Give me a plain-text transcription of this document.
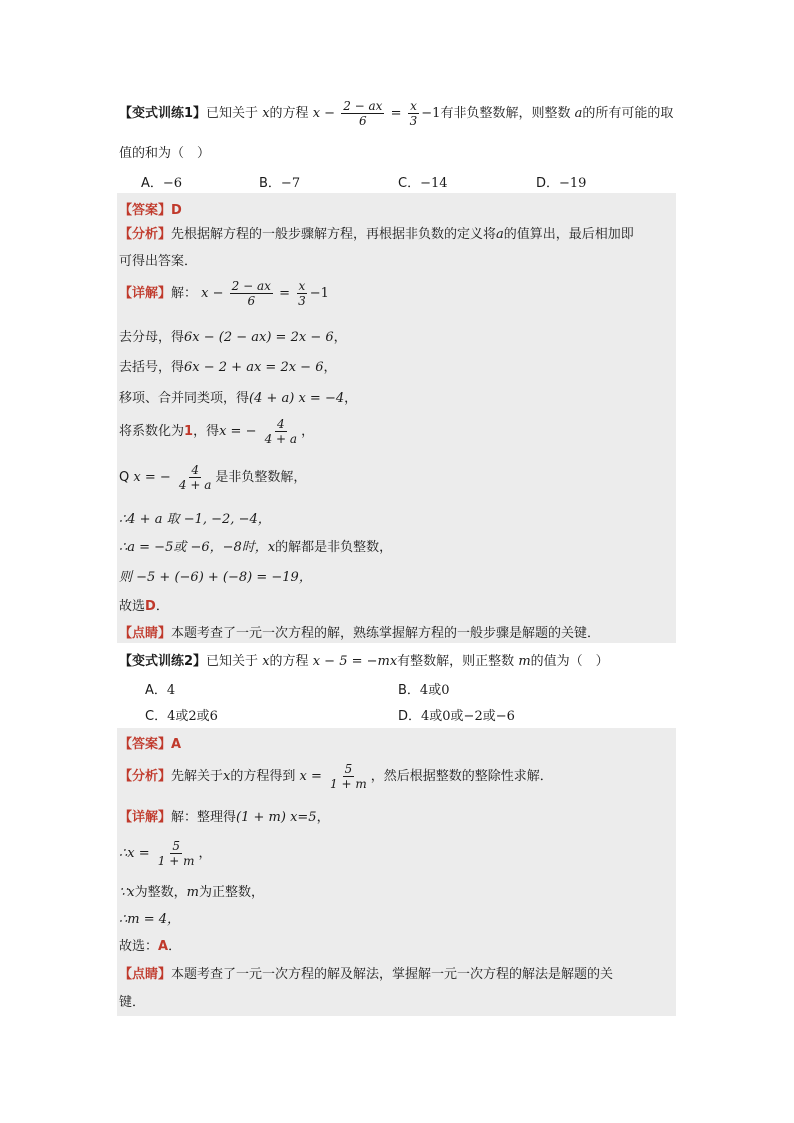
【变式训练1】已知关于 x的方程 $x - \frac{2 - ax}{6} = \frac{x}{3} -1$有非负整数解，则整数 a的所有可能的取
值的和为（　）
A．−6	B．−7	C．−14	D．−19
【答案】D
【分析】先根据解方程的一般步骤解方程，再根据非负数的定义将a的值算出，最后相加即
可得出答案．
【详解】解： $x - \frac{2 - ax}{6} = \frac{x}{3} -1$
去分母，得6x − (2 − ax) = 2x − 6，
去括号，得6x − 2 + ax = 2x − 6，
移项、合并同类项，得(4 + a) x = −4，
将系数化为1，得x = − $\frac{4}{4 + a}$ ，
Q x = − $\frac{4}{4 + a}$ 是非负整数解，
∴4 + a 取 −1, −2, −4，
∴a = −5或 −6，−8时，x的解都是非负整数，
则 −5 + (−6) + (−8) = −19，
故选D．
【点睛】本题考查了一元一次方程的解，熟练掌握解方程的一般步骤是解题的关键．
【变式训练2】已知关于 x的方程 x − 5 = −mx有整数解，则正整数 m的值为（　）
A．4	B．4或0
C．4或2或6	D．4或0或−2或−6
【答案】A
【分析】先解关于x的方程得到 $x = \frac{5}{1 + m}$ ，然后根据整数的整除性求解．
【详解】解：整理得(1 + m) x=5，
∴x = $\frac{5}{1 + m}$ ，
∵x为整数，m为正整数，
∴m = 4，
故选：A．
【点睛】本题考查了一元一次方程的解及解法，掌握解一元一次方程的解法是解题的关
键．
